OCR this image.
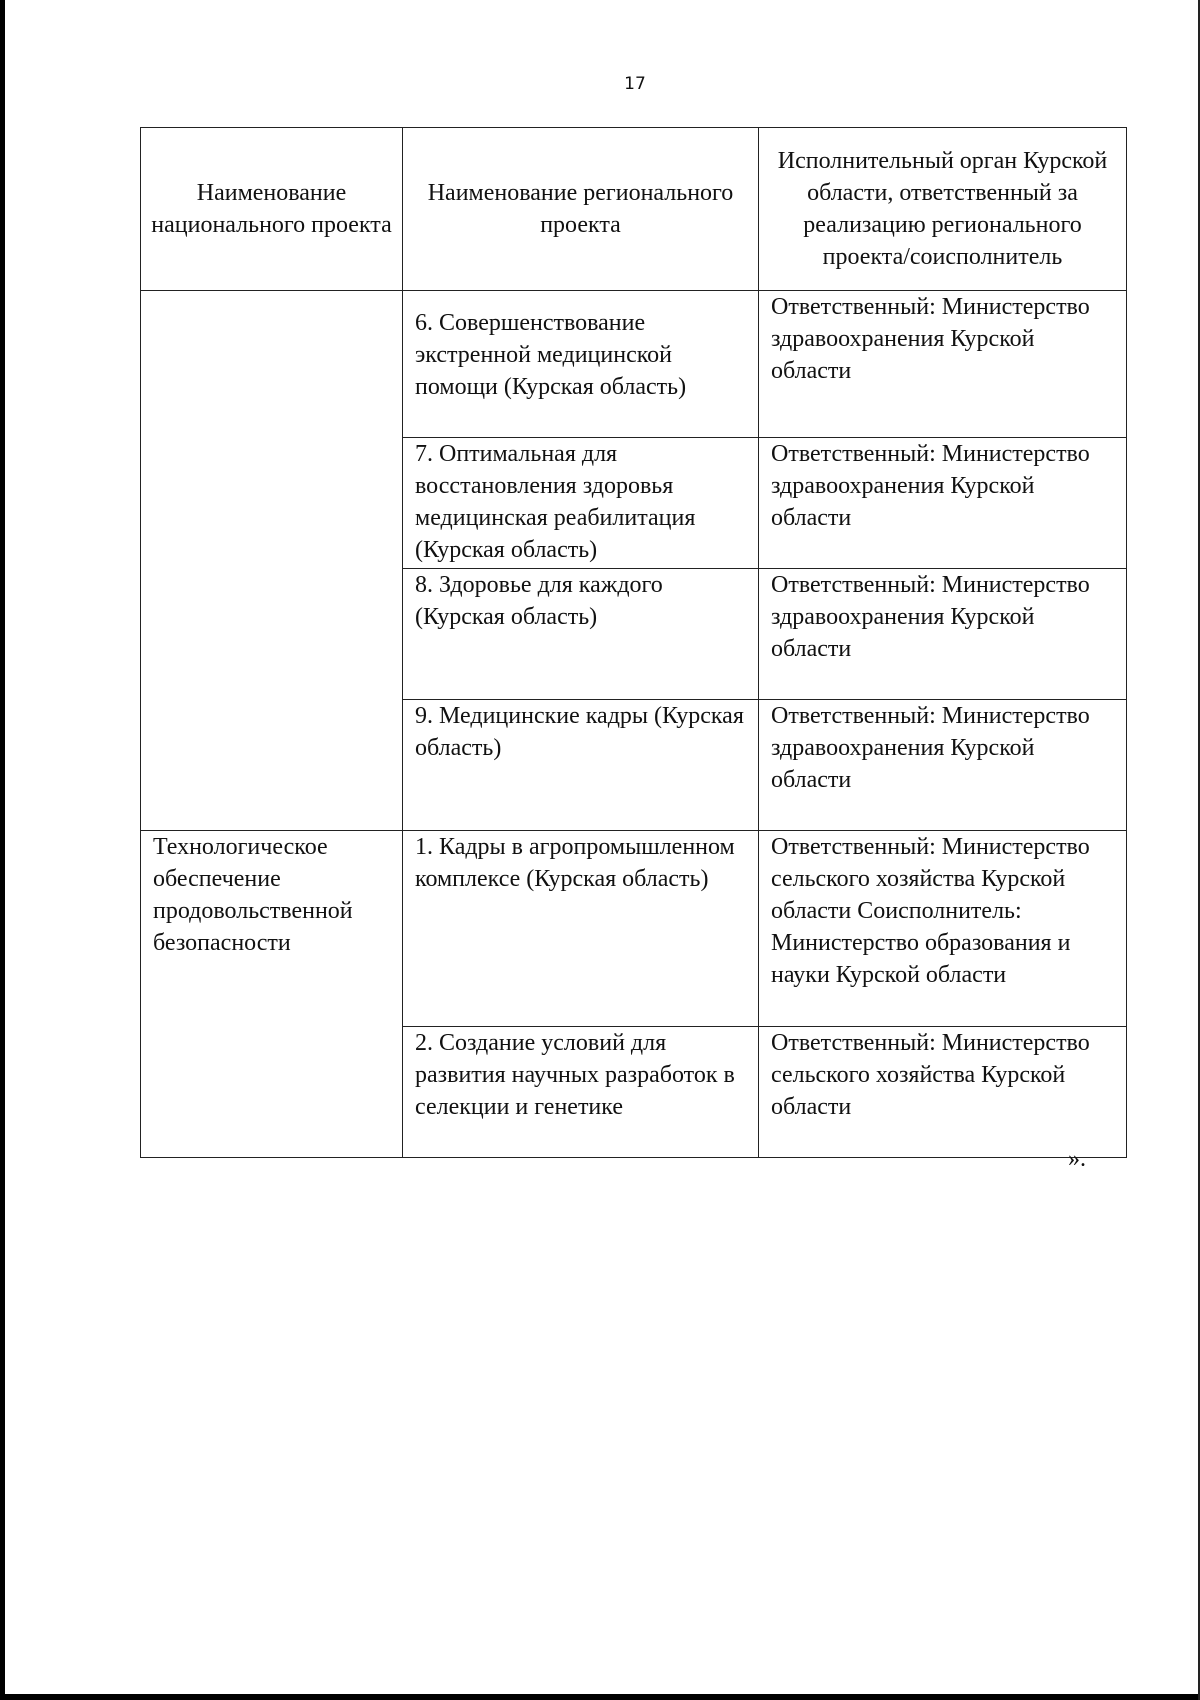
17
Наименование национального проекта	Наименование регионального проекта	Исполнительный орган Курской области, ответственный за реализацию регионального проекта/соисполнитель
	6. Совершенствование экстренной медицинской помощи (Курская область)	Ответственный: Министерство здравоохранения Курской области
	7. Оптимальная для восстановления здоровья медицинская реабилитация (Курская область)	Ответственный: Министерство здравоохранения Курской области
	8. Здоровье для каждого (Курская область)	Ответственный: Министерство здравоохранения Курской области
	9. Медицинские кадры (Курская область)	Ответственный: Министерство здравоохранения Курской области
Технологическое обеспечение продовольственной безопасности	1. Кадры в агропромышленном комплексе (Курская область)	Ответственный: Министерство сельского хозяйства Курской области Соисполнитель: Министерство образования и науки Курской области
	2. Создание условий для развития научных разработок в селекции и генетике	Ответственный: Министерство сельского хозяйства Курской области
».
